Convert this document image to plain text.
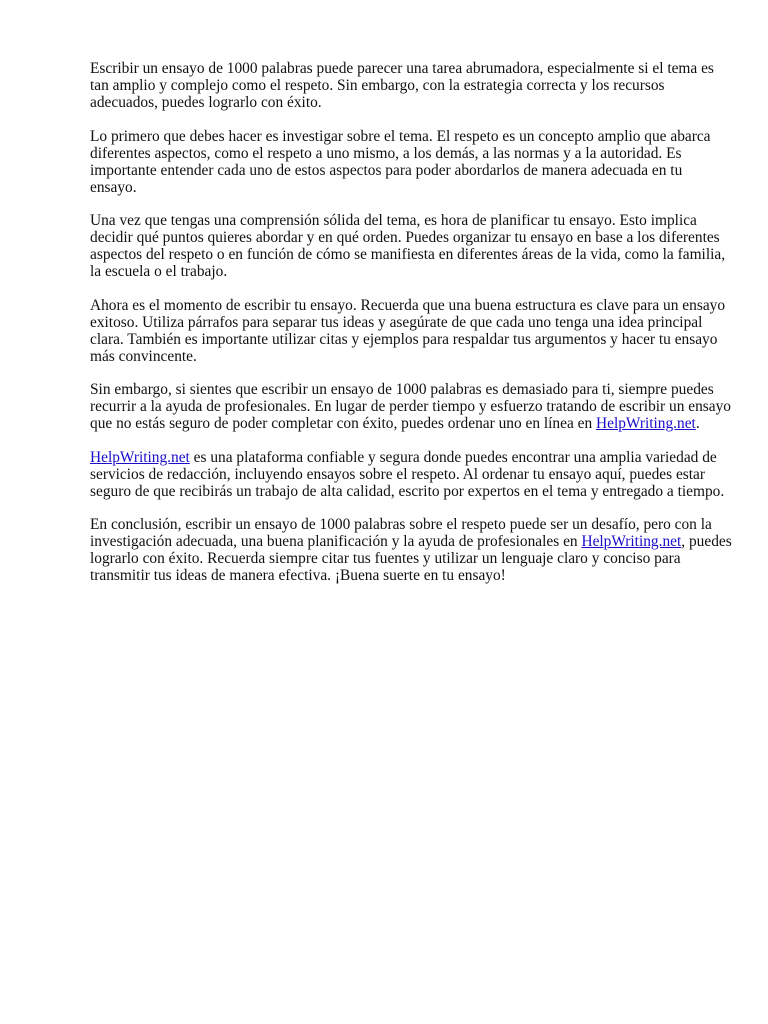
Escribir un ensayo de 1000 palabras puede parecer una tarea abrumadora, especialmente si el tema es tan amplio y complejo como el respeto. Sin embargo, con la estrategia correcta y los recursos adecuados, puedes lograrlo con éxito.

Lo primero que debes hacer es investigar sobre el tema. El respeto es un concepto amplio que abarca diferentes aspectos, como el respeto a uno mismo, a los demás, a las normas y a la autoridad. Es importante entender cada uno de estos aspectos para poder abordarlos de manera adecuada en tu ensayo.

Una vez que tengas una comprensión sólida del tema, es hora de planificar tu ensayo. Esto implica decidir qué puntos quieres abordar y en qué orden. Puedes organizar tu ensayo en base a los diferentes aspectos del respeto o en función de cómo se manifiesta en diferentes áreas de la vida, como la familia, la escuela o el trabajo.

Ahora es el momento de escribir tu ensayo. Recuerda que una buena estructura es clave para un ensayo exitoso. Utiliza párrafos para separar tus ideas y asegúrate de que cada uno tenga una idea principal clara. También es importante utilizar citas y ejemplos para respaldar tus argumentos y hacer tu ensayo más convincente.

Sin embargo, si sientes que escribir un ensayo de 1000 palabras es demasiado para ti, siempre puedes recurrir a la ayuda de profesionales. En lugar de perder tiempo y esfuerzo tratando de escribir un ensayo que no estás seguro de poder completar con éxito, puedes ordenar uno en línea en HelpWriting.net.

HelpWriting.net es una plataforma confiable y segura donde puedes encontrar una amplia variedad de servicios de redacción, incluyendo ensayos sobre el respeto. Al ordenar tu ensayo aquí, puedes estar seguro de que recibirás un trabajo de alta calidad, escrito por expertos en el tema y entregado a tiempo.

En conclusión, escribir un ensayo de 1000 palabras sobre el respeto puede ser un desafío, pero con la investigación adecuada, una buena planificación y la ayuda de profesionales en HelpWriting.net, puedes lograrlo con éxito. Recuerda siempre citar tus fuentes y utilizar un lenguaje claro y conciso para transmitir tus ideas de manera efectiva. ¡Buena suerte en tu ensayo!
